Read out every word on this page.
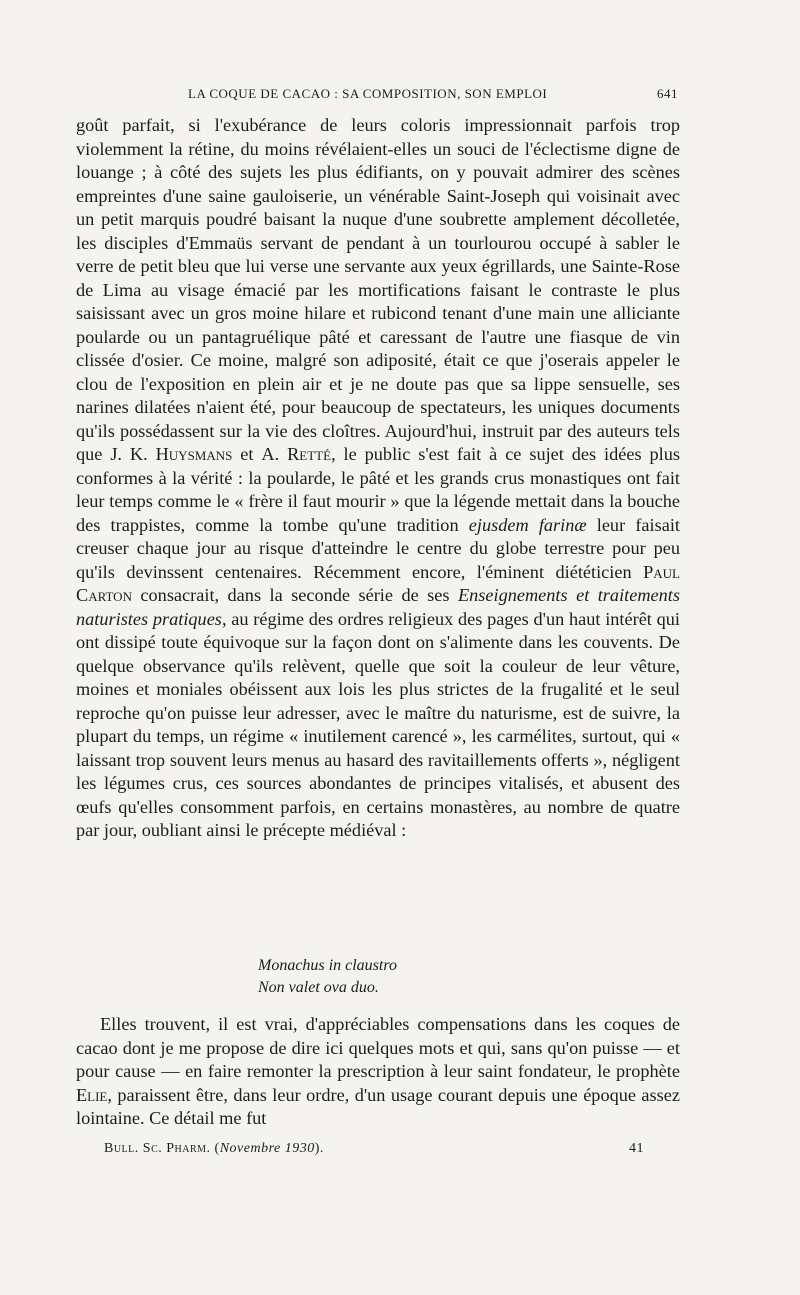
LA COQUE DE CACAO : SA COMPOSITION, SON EMPLOI	641

goût parfait, si l'exubérance de leurs coloris impressionnait parfois trop violemment la rétine, du moins révélaient-elles un souci de l'éclectisme digne de louange ; à côté des sujets les plus édifiants, on y pouvait admirer des scènes empreintes d'une saine gauloiserie, un vénérable Saint-Joseph qui voisinait avec un petit marquis poudré baisant la nuque d'une soubrette amplement décolletée, les disciples d'Emmaüs servant de pendant à un tourlourou occupé à sabler le verre de petit bleu que lui verse une servante aux yeux égrillards, une Sainte-Rose de Lima au visage émacié par les mortifications faisant le contraste le plus saisissant avec un gros moine hilare et rubicond tenant d'une main une alliciante poularde ou un pantagruélique pâté et caressant de l'autre une fiasque de vin clissée d'osier. Ce moine, malgré son adiposité, était ce que j'oserais appeler le clou de l'exposition en plein air et je ne doute pas que sa lippe sensuelle, ses narines dilatées n'aient été, pour beaucoup de spectateurs, les uniques documents qu'ils possédassent sur la vie des cloîtres. Aujourd'hui, instruit par des auteurs tels que J. K. Huysmans et A. Retté, le public s'est fait à ce sujet des idées plus conformes à la vérité : la poularde, le pâté et les grands crus monastiques ont fait leur temps comme le « frère il faut mourir » que la légende mettait dans la bouche des trappistes, comme la tombe qu'une tradition ejusdem farinæ leur faisait creuser chaque jour au risque d'atteindre le centre du globe terrestre pour peu qu'ils devinssent centenaires. Récemment encore, l'éminent diététicien Paul Carton consacrait, dans la seconde série de ses Enseignements et traitements naturistes pratiques, au régime des ordres religieux des pages d'un haut intérêt qui ont dissipé toute équivoque sur la façon dont on s'alimente dans les couvents. De quelque observance qu'ils relèvent, quelle que soit la couleur de leur vêture, moines et moniales obéissent aux lois les plus strictes de la frugalité et le seul reproche qu'on puisse leur adresser, avec le maître du naturisme, est de suivre, la plupart du temps, un régime « inutilement carencé », les carmélites, surtout, qui « laissant trop souvent leurs menus au hasard des ravitaillements offerts », négligent les légumes crus, ces sources abondantes de principes vitalisés, et abusent des œufs qu'elles consomment parfois, en certains monastères, au nombre de quatre par jour, oubliant ainsi le précepte médiéval :

Monachus in claustro
Non valet ova duo.
Elles trouvent, il est vrai, d'appréciables compensations dans les coques de cacao dont je me propose de dire ici quelques mots et qui, sans qu'on puisse — et pour cause — en faire remonter la prescription à leur saint fondateur, le prophète Elie, paraissent être, dans leur ordre, d'un usage courant depuis une époque assez lointaine. Ce détail me fut
Bull. Sc. Pharm. (Novembre 1930).	41
